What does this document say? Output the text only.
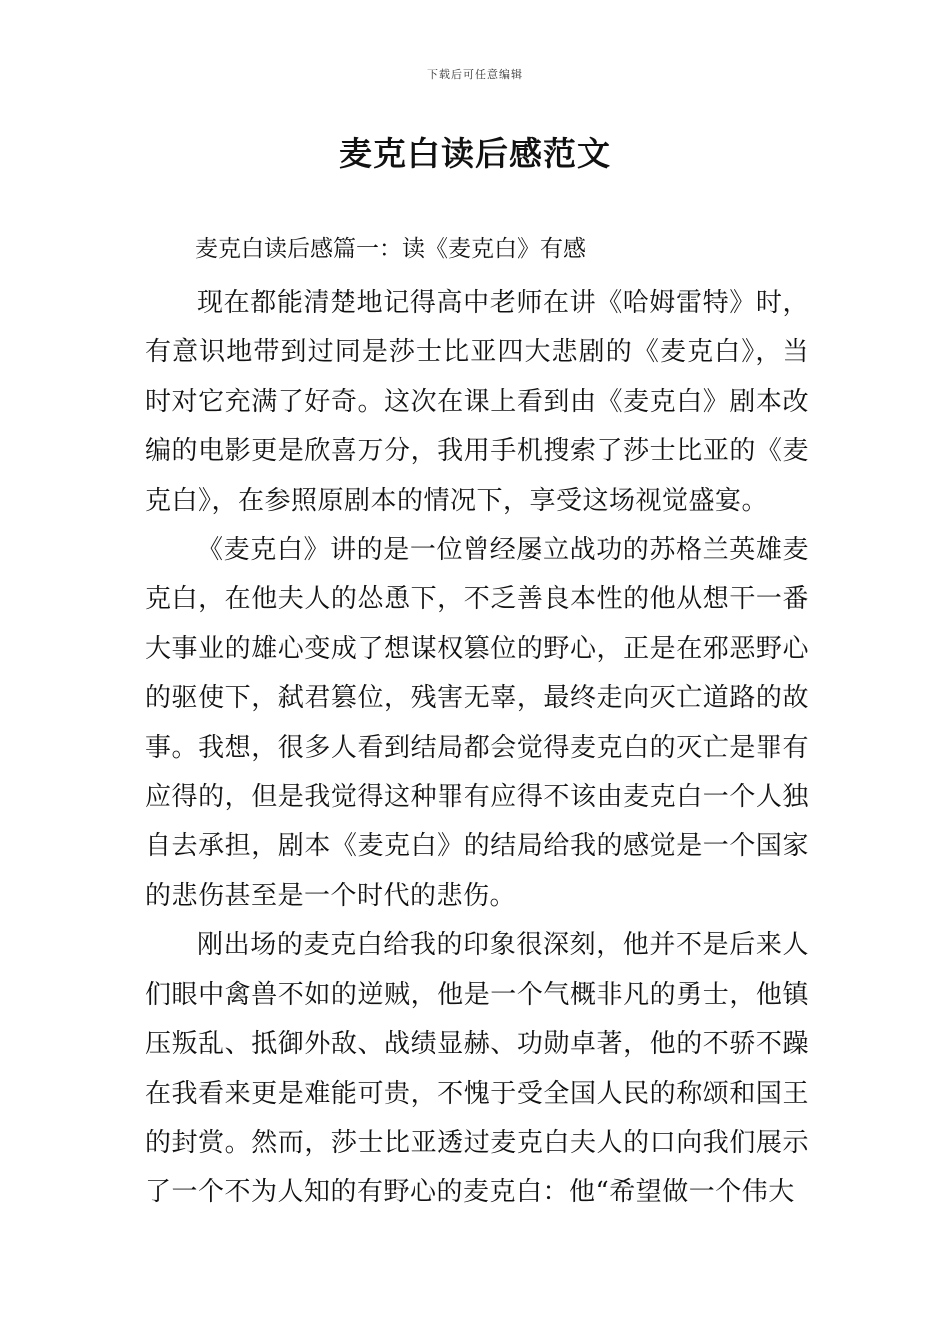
下载后可任意编辑
麦克白读后感范文
麦克白读后感篇一：读《麦克白》有感

现在都能清楚地记得高中老师在讲《哈姆雷特》时，有意识地带到过同是莎士比亚四大悲剧的《麦克白》，当时对它充满了好奇。这次在课上看到由《麦克白》剧本改编的电影更是欣喜万分，我用手机搜索了莎士比亚的《麦克白》，在参照原剧本的情况下，享受这场视觉盛宴。

《麦克白》讲的是一位曾经屡立战功的苏格兰英雄麦克白，在他夫人的怂恿下，不乏善良本性的他从想干一番大事业的雄心变成了想谋权篡位的野心，正是在邪恶野心的驱使下，弑君篡位，残害无辜，最终走向灭亡道路的故事。我想，很多人看到结局都会觉得麦克白的灭亡是罪有应得的，但是我觉得这种罪有应得不该由麦克白一个人独自去承担，剧本《麦克白》的结局给我的感觉是一个国家的悲伤甚至是一个时代的悲伤。

刚出场的麦克白给我的印象很深刻，他并不是后来人们眼中禽兽不如的逆贼，他是一个气概非凡的勇士，他镇压叛乱、抵御外敌、战绩显赫、功勋卓著，他的不骄不躁在我看来更是难能可贵，不愧于受全国人民的称颂和国王的封赏。然而，莎士比亚透过麦克白夫人的口向我们展示了一个不为人知的有野心的麦克白：他“希望做一个伟大
